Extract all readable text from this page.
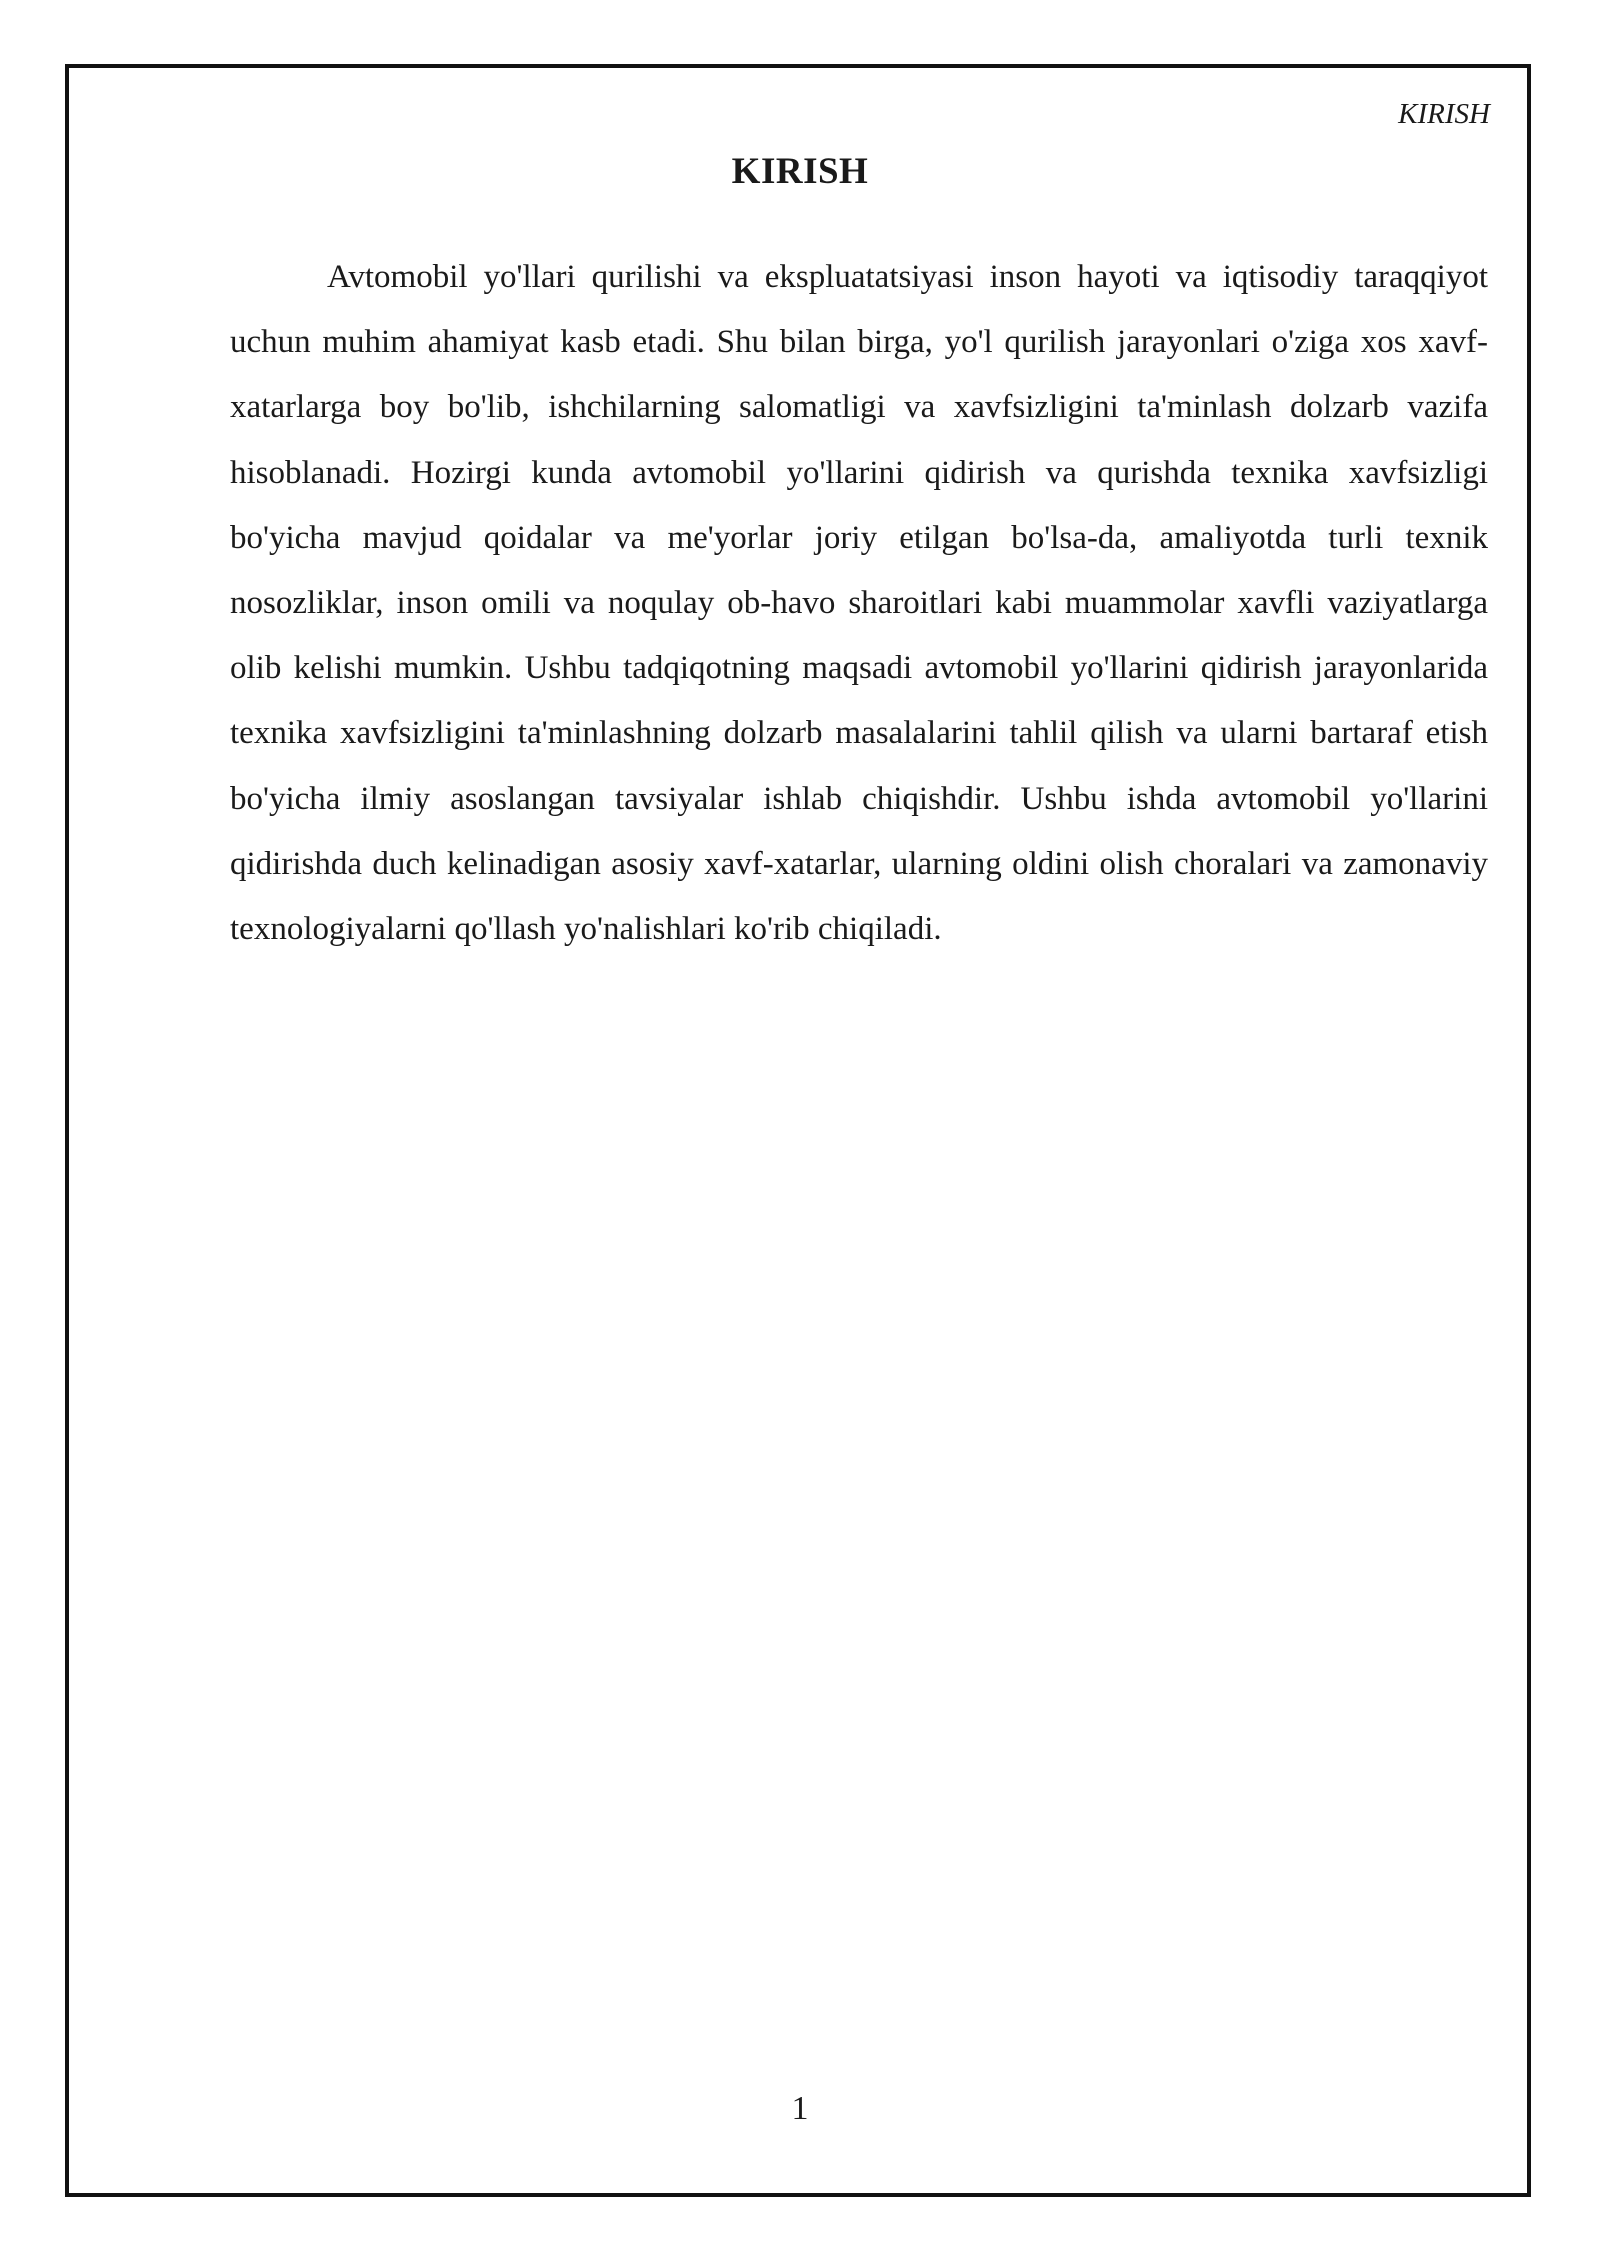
KIRISH
KIRISH

Avtomobil yo'llari qurilishi va ekspluatatsiyasi inson hayoti va iqtisodiy taraqqiyot uchun muhim ahamiyat kasb etadi. Shu bilan birga, yo'l qurilish jarayonlari o'ziga xos xavf-xatarlarga boy bo'lib, ishchilarning salomatligi va xavfsizligini ta'minlash dolzarb vazifa hisoblanadi. Hozirgi kunda avtomobil yo'llarini qidirish va qurishda texnika xavfsizligi bo'yicha mavjud qoidalar va me'yorlar joriy etilgan bo'lsa-da, amaliyotda turli texnik nosozliklar, inson omili va noqulay ob-havo sharoitlari kabi muammolar xavfli vaziyatlarga olib kelishi mumkin. Ushbu tadqiqotning maqsadi avtomobil yo'llarini qidirish jarayonlarida texnika xavfsizligini ta'minlashning dolzarb masalalarini tahlil qilish va ularni bartaraf etish bo'yicha ilmiy asoslangan tavsiyalar ishlab chiqishdir. Ushbu ishda avtomobil yo'llarini qidirishda duch kelinadigan asosiy xavf-xatarlar, ularning oldini olish choralari va zamonaviy texnologiyalarni qo'llash yo'nalishlari ko'rib chiqiladi.

1
